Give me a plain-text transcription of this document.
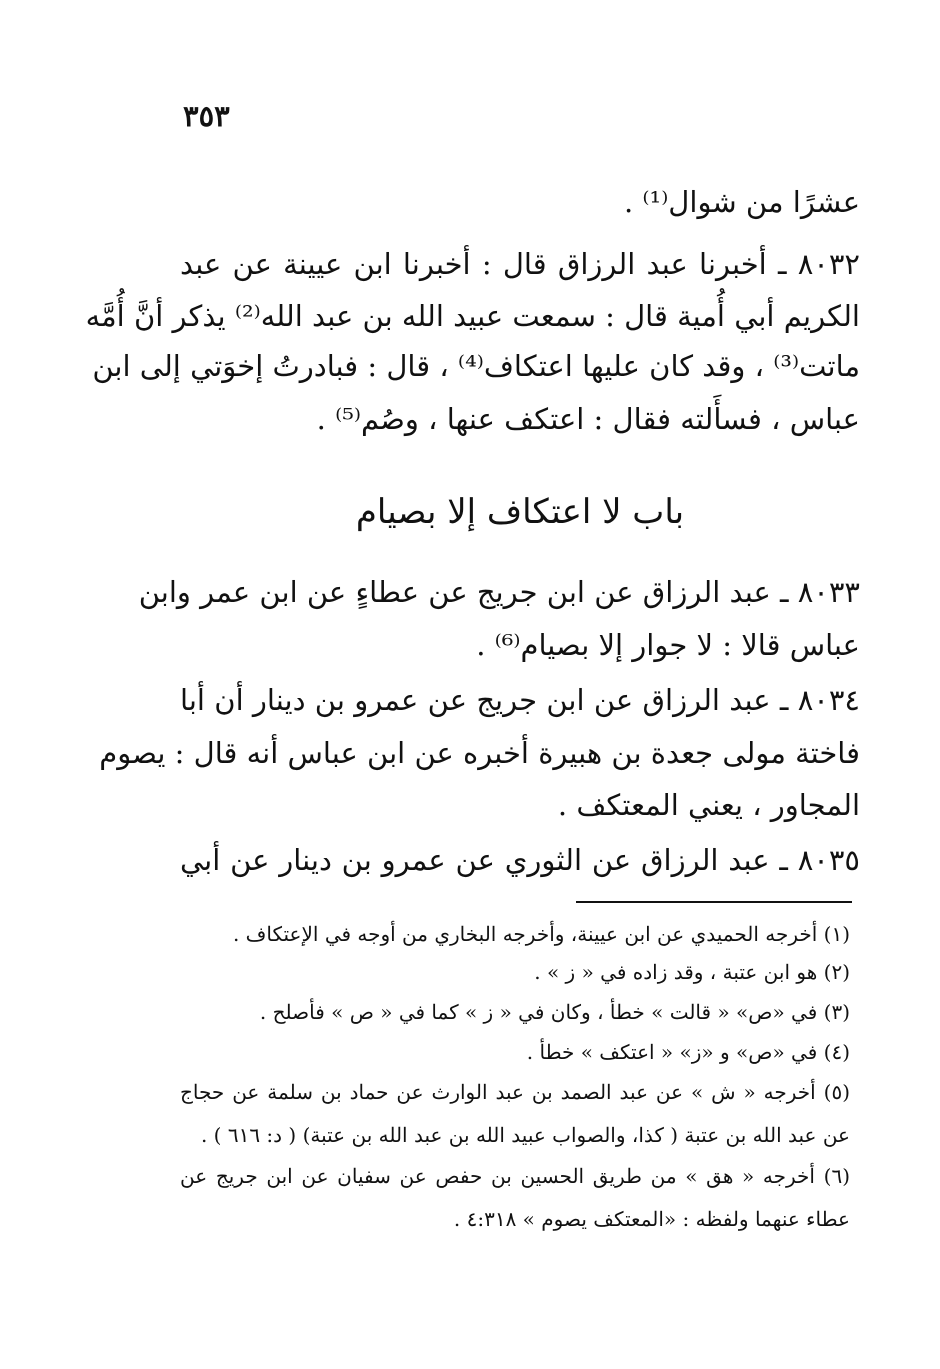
٣٥٣
عشرًا من شوال⁽¹⁾ .
٨٠٣٢ ـ أخبرنا عبد الرزاق قال : أخبرنا ابن عيينة عن عبد
الكريم أبي أُمية قال : سمعت عبيد الله بن عبد الله⁽²⁾ يذكر أنَّ أُمَّه
ماتت⁽³⁾ ، وقد كان عليها اعتكاف⁽⁴⁾ ، قال : فبادرتُ إخوَتي إلى ابن
عباس ، فسأَلته فقال : اعتكف عنها ، وصُم⁽⁵⁾ .
باب لا اعتكاف إلا بصيام
٨٠٣٣ ـ عبد الرزاق عن ابن جريج عن عطاءٍ عن ابن عمر وابن
عباس قالا : لا جوار إلا بصيام⁽⁶⁾ .
٨٠٣٤ ـ عبد الرزاق عن ابن جريج عن عمرو بن دينار أن أبا
فاختة مولى جعدة بن هبيرة أخبره عن ابن عباس أنه قال : يصوم
المجاور ، يعني المعتكف .
٨٠٣٥ ـ عبد الرزاق عن الثوري عن عمرو بن دينار عن أبي
(١) أخرجه الحميدي عن ابن عيينة، وأخرجه البخاري من أوجه في الإعتكاف .
(٢) هو ابن عتبة ، وقد زاده في « ز » .
(٣) في «ص» « قالت » خطأ ، وكان في « ز » كما في « ص » فأصلح .
(٤) في «ص» و «ز» « اعتكف » خطأ .
(٥) أخرجه « ش » عن عبد الصمد بن عبد الوارث عن حماد بن سلمة عن حجاج
عن عبد الله بن عتبة ( كذا، والصواب عبيد الله بن عبد الله بن عتبة) ( د: ٦١٦ ) .
(٦) أخرجه « هق » من طريق الحسين بن حفص عن سفيان عن ابن جريج عن
عطاء عنهما ولفظه : «المعتكف يصوم » ٤:٣١٨ .
